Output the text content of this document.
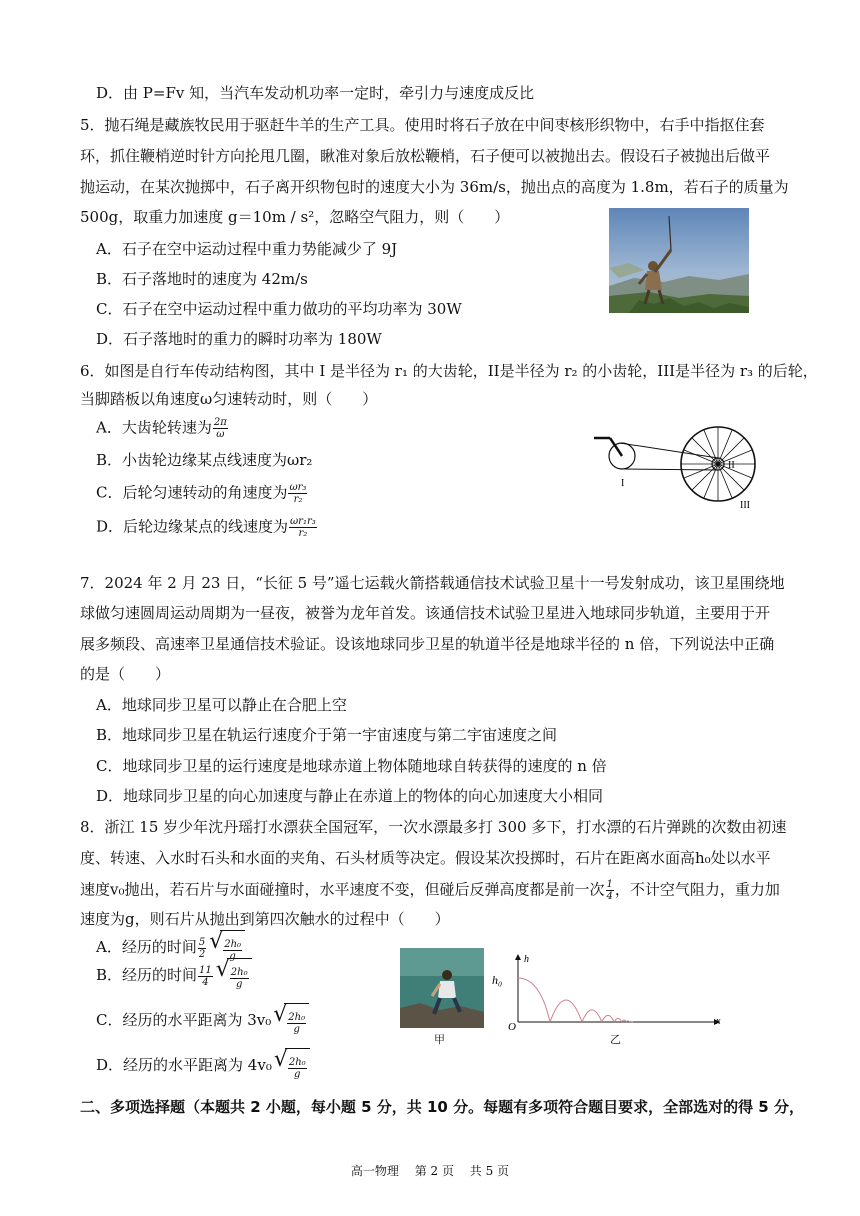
D．由 P=Fv 知，当汽车发动机功率一定时，牵引力与速度成反比
5．抛石绳是藏族牧民用于驱赶牛羊的生产工具。使用时将石子放在中间枣核形织物中，右手中指抠住套
环，抓住鞭梢逆时针方向抡甩几圈，瞅准对象后放松鞭梢，石子便可以被抛出去。假设石子被抛出后做平
抛运动，在某次抛掷中，石子离开织物包时的速度大小为 36m/s，抛出点的高度为 1.8m，若石子的质量为
500g，取重力加速度 g＝10m / s²，忽略空气阻力，则（　　）
A．石子在空中运动过程中重力势能减少了 9J
B．石子落地时的速度为 42m/s
C．石子在空中运动过程中重力做功的平均功率为 30W
D．石子落地时的重力的瞬时功率为 180W
6．如图是自行车传动结构图，其中 I 是半径为 r₁ 的大齿轮，II是半径为 r₂ 的小齿轮，III是半径为 r₃ 的后轮，
当脚踏板以角速度ω匀速转动时，则（　　）
A．大齿轮转速为 $\frac{2\pi}{\omega}$
B．小齿轮边缘某点线速度为ωr₂
C．后轮匀速转动的角速度为 $\frac{\text{ωr₃}}{\text{r₂}}$
D．后轮边缘某点的线速度为 $\frac{\text{ωr₁r₃}}{\text{r₂}}$
I
II
III
7．2024 年 2 月 23 日，“长征 5 号”遥七运载火箭搭载通信技术试验卫星十一号发射成功，该卫星围绕地
球做匀速圆周运动周期为一昼夜，被誉为龙年首发。该通信技术试验卫星进入地球同步轨道，主要用于开
展多频段、高速率卫星通信技术验证。设该地球同步卫星的轨道半径是地球半径的 n 倍，下列说法中正确
的是（　　）
A．地球同步卫星可以静止在合肥上空
B．地球同步卫星在轨运行速度介于第一宇宙速度与第二宇宙速度之间
C．地球同步卫星的运行速度是地球赤道上物体随地球自转获得的速度的 n 倍
D．地球同步卫星的向心加速度与静止在赤道上的物体的向心加速度大小相同
8．浙江 15 岁少年沈丹瑶打水漂获全国冠军，一次水漂最多打 300 多下，打水漂的石片弹跳的次数由初速
度、转速、入水时石头和水面的夹角、石头材质等决定。假设某次投掷时，石片在距离水面高h₀处以水平
速度v₀抛出，若石片与水面碰撞时，水平速度不变，但碰后反弹高度都是前一次 $\frac{1}{4}$ ，不计空气阻力，重力加
速度为g，则石片从抛出到第四次触水的过程中（　　）
A．经历的时间 $\frac{5}{2}$ √ $\frac{\text{2h₀}}{g}$
B．经历的时间 $\frac{11}{4}$ √ $\frac{\text{2h₀}}{g}$
C．经历的水平距离为 3v₀ √ $\frac{\text{2h₀}}{g}$
D．经历的水平距离为 4v₀ √ $\frac{\text{2h₀}}{g}$
甲
h₀
h
O	x
乙
二、多项选择题（本题共 2 小题，每小题 5 分，共 10 分。每题有多项符合题目要求，全部选对的得 5 分，
高一物理　 第 2 页　 共 5 页
